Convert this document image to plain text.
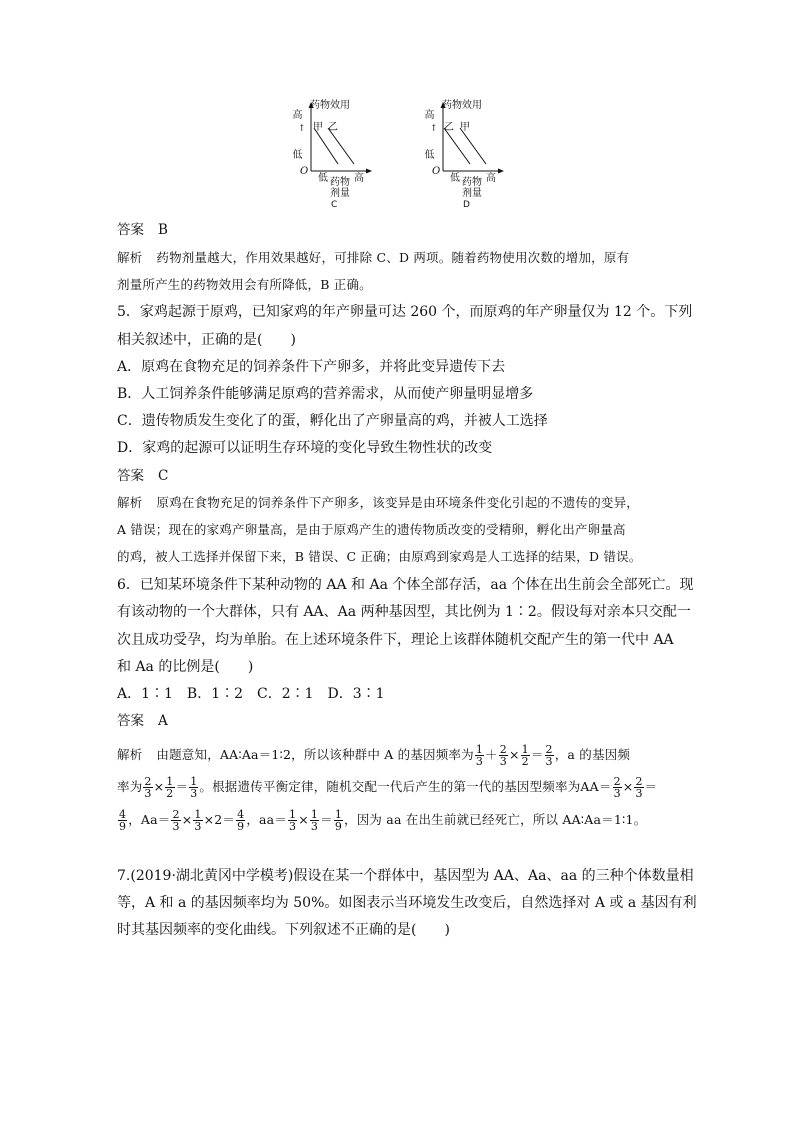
药物效用
高
↑
低
O
甲 乙
低 药物
剂量
高
C
药物效用
高
↑
低
O
乙 甲
低 药物
剂量
高
D
答案 B
解析 药物剂量越大，作用效果越好，可排除 C、D 两项。随着药物使用次数的增加，原有
剂量所产生的药物效用会有所降低，B 正确。
5．家鸡起源于原鸡，已知家鸡的年产卵量可达 260 个，而原鸡的年产卵量仅为 12 个。下列
相关叙述中，正确的是(　　)
A．原鸡在食物充足的饲养条件下产卵多，并将此变异遗传下去
B．人工饲养条件能够满足原鸡的营养需求，从而使产卵量明显增多
C．遗传物质发生变化了的蛋，孵化出了产卵量高的鸡，并被人工选择
D．家鸡的起源可以证明生存环境的变化导致生物性状的改变
答案 C
解析 原鸡在食物充足的饲养条件下产卵多，该变异是由环境条件变化引起的不遗传的变异，
A 错误；现在的家鸡产卵量高，是由于原鸡产生的遗传物质改变的受精卵，孵化出产卵量高
的鸡，被人工选择并保留下来，B 错误、C 正确；由原鸡到家鸡是人工选择的结果，D 错误。
6．已知某环境条件下某种动物的 AA 和 Aa 个体全部存活，aa 个体在出生前会全部死亡。现
有该动物的一个大群体，只有 AA、Aa 两种基因型，其比例为 1∶2。假设每对亲本只交配一
次且成功受孕，均为单胎。在上述环境条件下，理论上该群体随机交配产生的第一代中 AA
和 Aa 的比例是(　　)
A．1∶1　B．1∶2　C．2∶1　D．3∶1
答案 A
解析 由题意知，AA∶Aa＝1∶2，所以该种群中 A 的基因频率为 $\frac{1}{3} + \frac{2}{3} \times \frac{1}{2} = \frac{2}{3}$ ，a 的基因频
率为 $\frac{2}{3} \times \frac{1}{2} = \frac{1}{3}$ 。根据遗传平衡定律，随机交配一代后产生的第一代的基因型频率为$AA= \frac{2}{3} \times \frac{2}{3}$ ＝
$\frac{4}{9}$ ，$Aa= \frac{2}{3} \times \frac{1}{3} \times 2= \frac{4}{9}$ ，$aa= \frac{1}{3} \times \frac{1}{3} = \frac{1}{9}$ ，因为 aa 在出生前就已经死亡，所以 AA∶Aa＝1∶1。
7.(2019·湖北黄冈中学模考)假设在某一个群体中，基因型为 AA、Aa、aa 的三种个体数量相
等，A 和 a 的基因频率均为 50%。如图表示当环境发生改变后，自然选择对 A 或 a 基因有利
时其基因频率的变化曲线。下列叙述不正确的是(　　)
